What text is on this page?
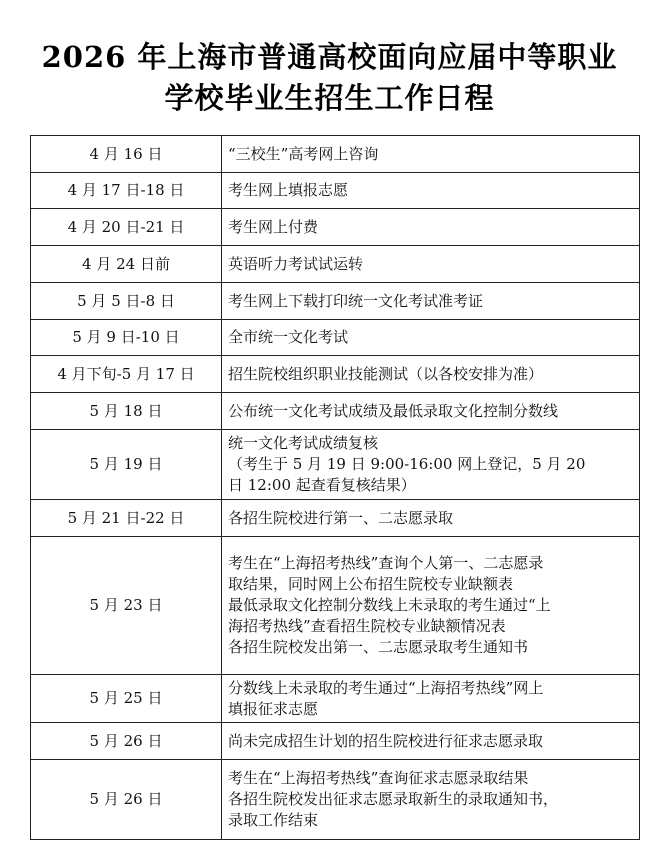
2026 年上海市普通高校面向应届中等职业
学校毕业生招生工作日程
4 月 16 日	“三校生”高考网上咨询

4 月 17 日-18 日	考生网上填报志愿

4 月 20 日-21 日	考生网上付费

4 月 24 日前	英语听力考试试运转

5 月 5 日-8 日	考生网上下载打印统一文化考试准考证

5 月 9 日-10 日	全市统一文化考试

4 月下旬-5 月 17 日	招生院校组织职业技能测试（以各校安排为准）

5 月 18 日	公布统一文化考试成绩及最低录取文化控制分数线

5 月 19 日	统一文化考试成绩复核
（考生于 5 月 19 日 9:00-16:00 网上登记，5 月 20
日 12:00 起查看复核结果）

5 月 21 日-22 日	各招生院校进行第一、二志愿录取

5 月 23 日	考生在“上海招考热线”查询个人第一、二志愿录
取结果，同时网上公布招生院校专业缺额表
最低录取文化控制分数线上未录取的考生通过“上
海招考热线”查看招生院校专业缺额情况表
各招生院校发出第一、二志愿录取考生通知书

5 月 25 日	分数线上未录取的考生通过“上海招考热线”网上
填报征求志愿

5 月 26 日	尚未完成招生计划的招生院校进行征求志愿录取

5 月 26 日	考生在“上海招考热线”查询征求志愿录取结果
各招生院校发出征求志愿录取新生的录取通知书，
录取工作结束
